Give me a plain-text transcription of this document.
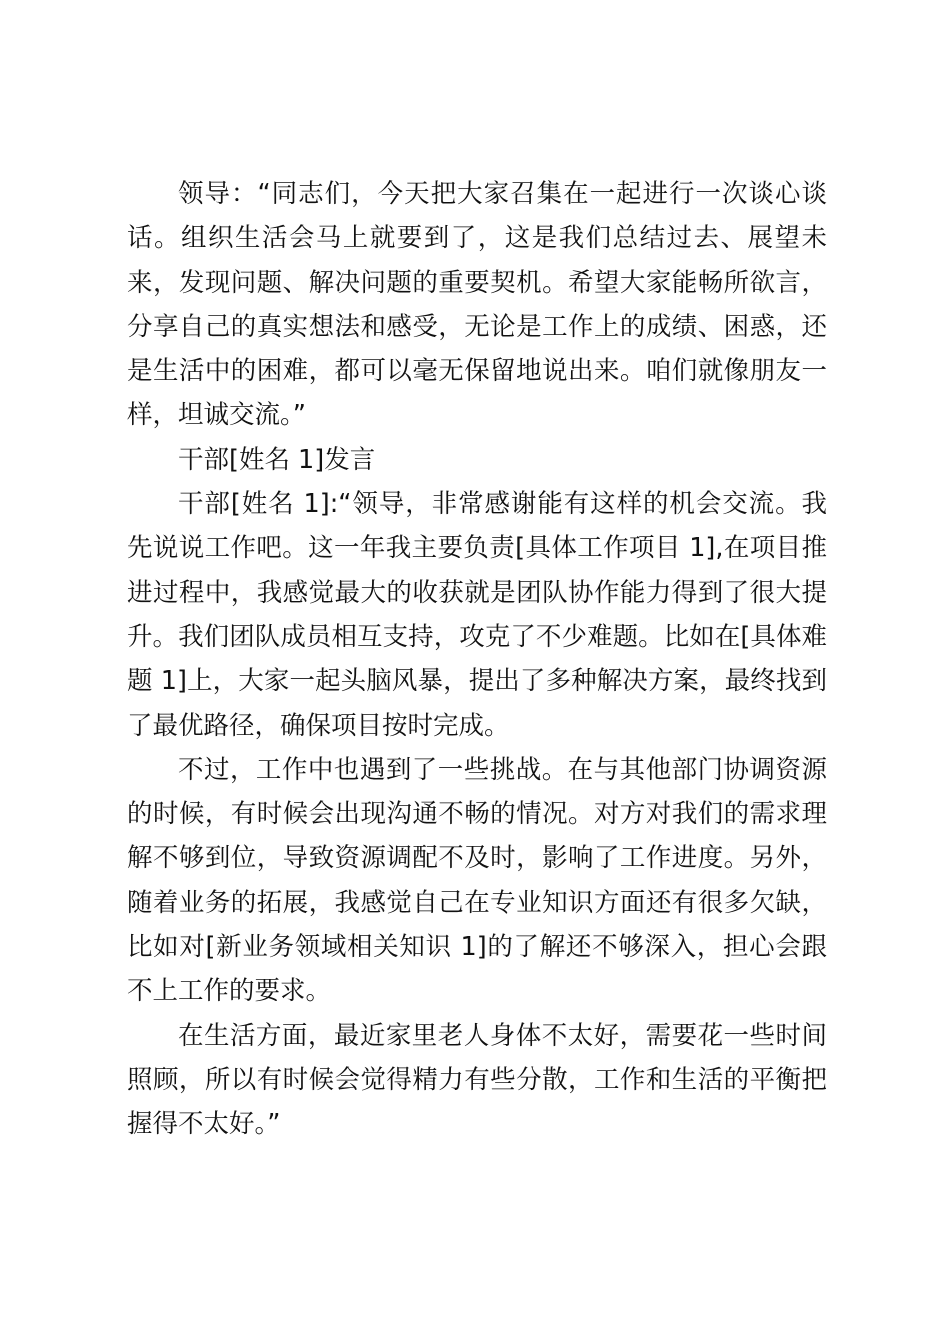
领导：“同志们，今天把大家召集在一起进行一次谈心谈话。组织生活会马上就要到了，这是我们总结过去、展望未来，发现问题、解决问题的重要契机。希望大家能畅所欲言，分享自己的真实想法和感受，无论是工作上的成绩、困惑，还是生活中的困难，都可以毫无保留地说出来。咱们就像朋友一样，坦诚交流。”

干部[姓名 1]发言

干部[姓名 1]:“领导，非常感谢能有这样的机会交流。我先说说工作吧。这一年我主要负责[具体工作项目 1],在项目推进过程中，我感觉最大的收获就是团队协作能力得到了很大提升。我们团队成员相互支持，攻克了不少难题。比如在[具体难题 1]上，大家一起头脑风暴，提出了多种解决方案，最终找到了最优路径，确保项目按时完成。

不过，工作中也遇到了一些挑战。在与其他部门协调资源的时候，有时候会出现沟通不畅的情况。对方对我们的需求理解不够到位，导致资源调配不及时，影响了工作进度。另外，随着业务的拓展，我感觉自己在专业知识方面还有很多欠缺，比如对[新业务领域相关知识 1]的了解还不够深入，担心会跟不上工作的要求。

在生活方面，最近家里老人身体不太好，需要花一些时间照顾，所以有时候会觉得精力有些分散，工作和生活的平衡把握得不太好。”
